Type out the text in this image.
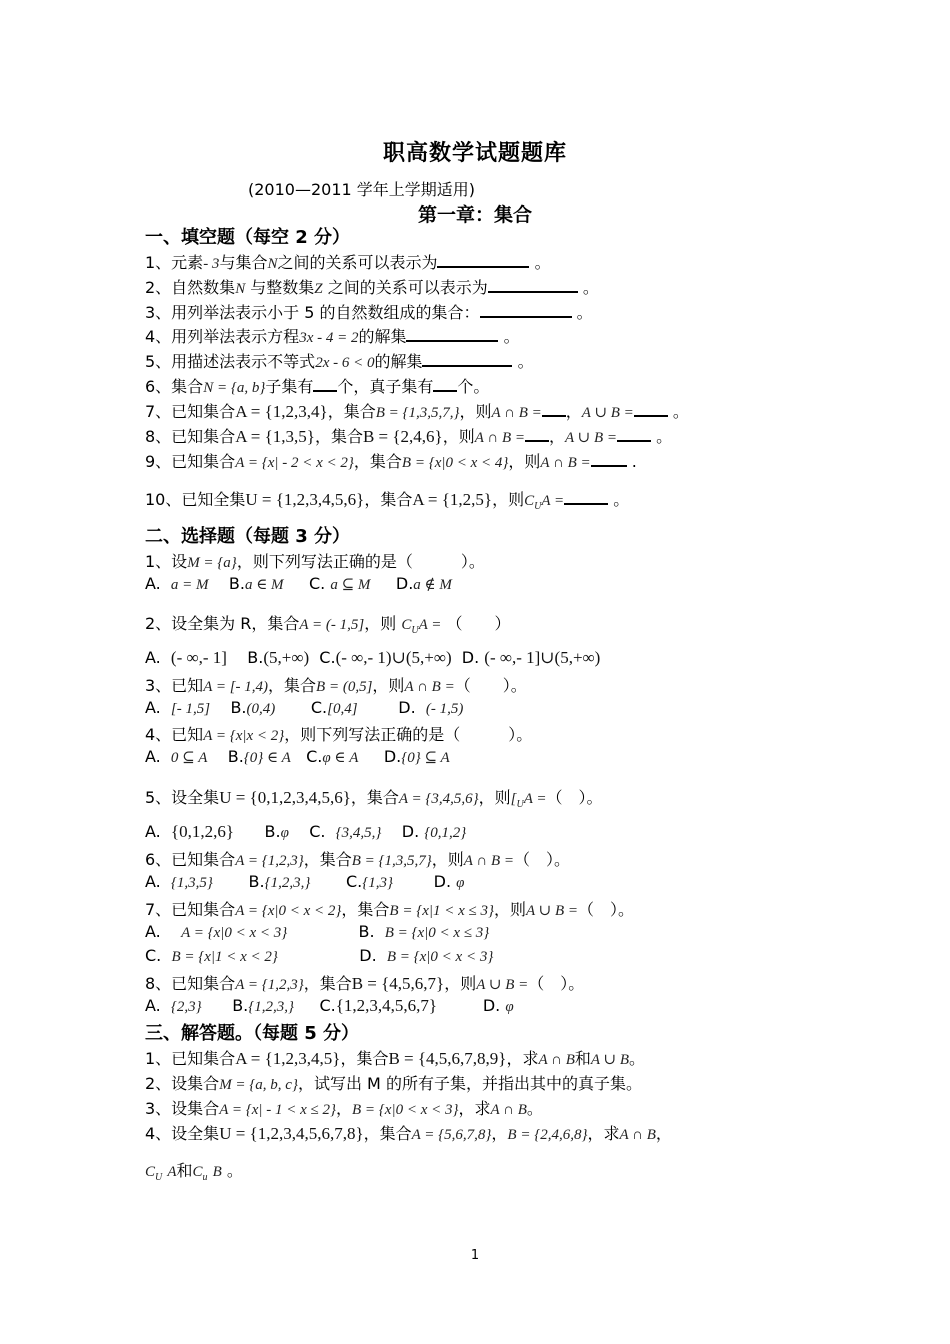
职高数学试题题库
(2010—2011 学年上学期适用)
第一章：集合
一、填空题（每空 2 分）
1、元素- 3与集合N之间的关系可以表示为	。
2、自然数集N 与整数集Z 之间的关系可以表示为	。
3、用列举法表示小于 5 的自然数组成的集合：	。
4、用列举法表示方程3x - 4 = 2的解集	。
5、用描述法表示不等式2x - 6 < 0的解集	。
6、集合N = {a, b}子集有 个，真子集有 个。
7、已知集合A = {1,2,3,4}，集合B = {1,3,5,7,}，则A ∩ B = ，A ∪ B = 。
8、已知集合A = {1,3,5}，集合B = {2,4,6}，则A ∩ B = ，A ∪ B = 。
9、已知集合A = {x| - 2 < x < 2}，集合B = {x|0 < x < 4}，则A ∩ B = .
10、已知全集U = {1,2,3,4,5,6}，集合A = {1,2,5}，则$C_UA$ =	。
二、选择题（每题 3 分）
1、设M = {a}，则下列写法正确的是（　　　）。
A. a = M B.a ∈ M C. a ⊆ M D.a ∉ M
2、设全集为 R，集合A = (- 1,5]，则 $C_UA$ = （　　）
A. (- ∞,- 1] B.(5,+∞) C.(- ∞,- 1)∪(5,+∞) D. (- ∞,- 1]∪(5,+∞)
3、已知A = [- 1,4)，集合B = (0,5]，则A ∩ B =（　　）。
A. [- 1,5] B.(0,4) C.[0,4]	D. (- 1,5)
4、已知A = {x|x < 2}，则下列写法正确的是（　　　）。
A. 0 ⊆ A B.{0} ∈ A C.φ ∈ A D.{0} ⊆ A
5、设全集U = {0,1,2,3,4,5,6}，集合A = {3,4,5,6}，则[$_UA$ =（　）。
A. {0,1,2,6} B.φ C. {3,4,5,} D. {0,1,2}
6、已知集合A = {1,2,3}，集合B = {1,3,5,7}，则A ∩ B =（　）。
A. {1,3,5} B.{1,2,3,} C.{1,3}	D. φ
7、已知集合A = {x|0 < x < 2}，集合B = {x|1 < x ≤ 3}，则A ∪ B =（　）。
A. A = {x|0 < x < 3}	B. B = {x|0 < x ≤ 3}
C. B = {x|1 < x < 2}	D. B = {x|0 < x < 3}
8、已知集合A = {1,2,3}，集合B = {4,5,6,7}，则A ∪ B =（　）。
A. {2,3} B.{1,2,3,} C.{1,2,3,4,5,6,7}	D. φ
三、解答题。（每题 5 分）
1、已知集合A = {1,2,3,4,5}，集合B = {4,5,6,7,8,9}，求A ∩ B和A ∪ B。
2、设集合M = {a, b, c}，试写出 M 的所有子集，并指出其中的真子集。
3、设集合A = {x| - 1 < x ≤ 2}，B = {x|0 < x < 3}，求A ∩ B。
4、设全集U = {1,2,3,4,5,6,7,8}，集合A = {5,6,7,8}，B = {2,4,6,8}，求A ∩ B，
$C_U$ A和$C_u$ B 。
1
